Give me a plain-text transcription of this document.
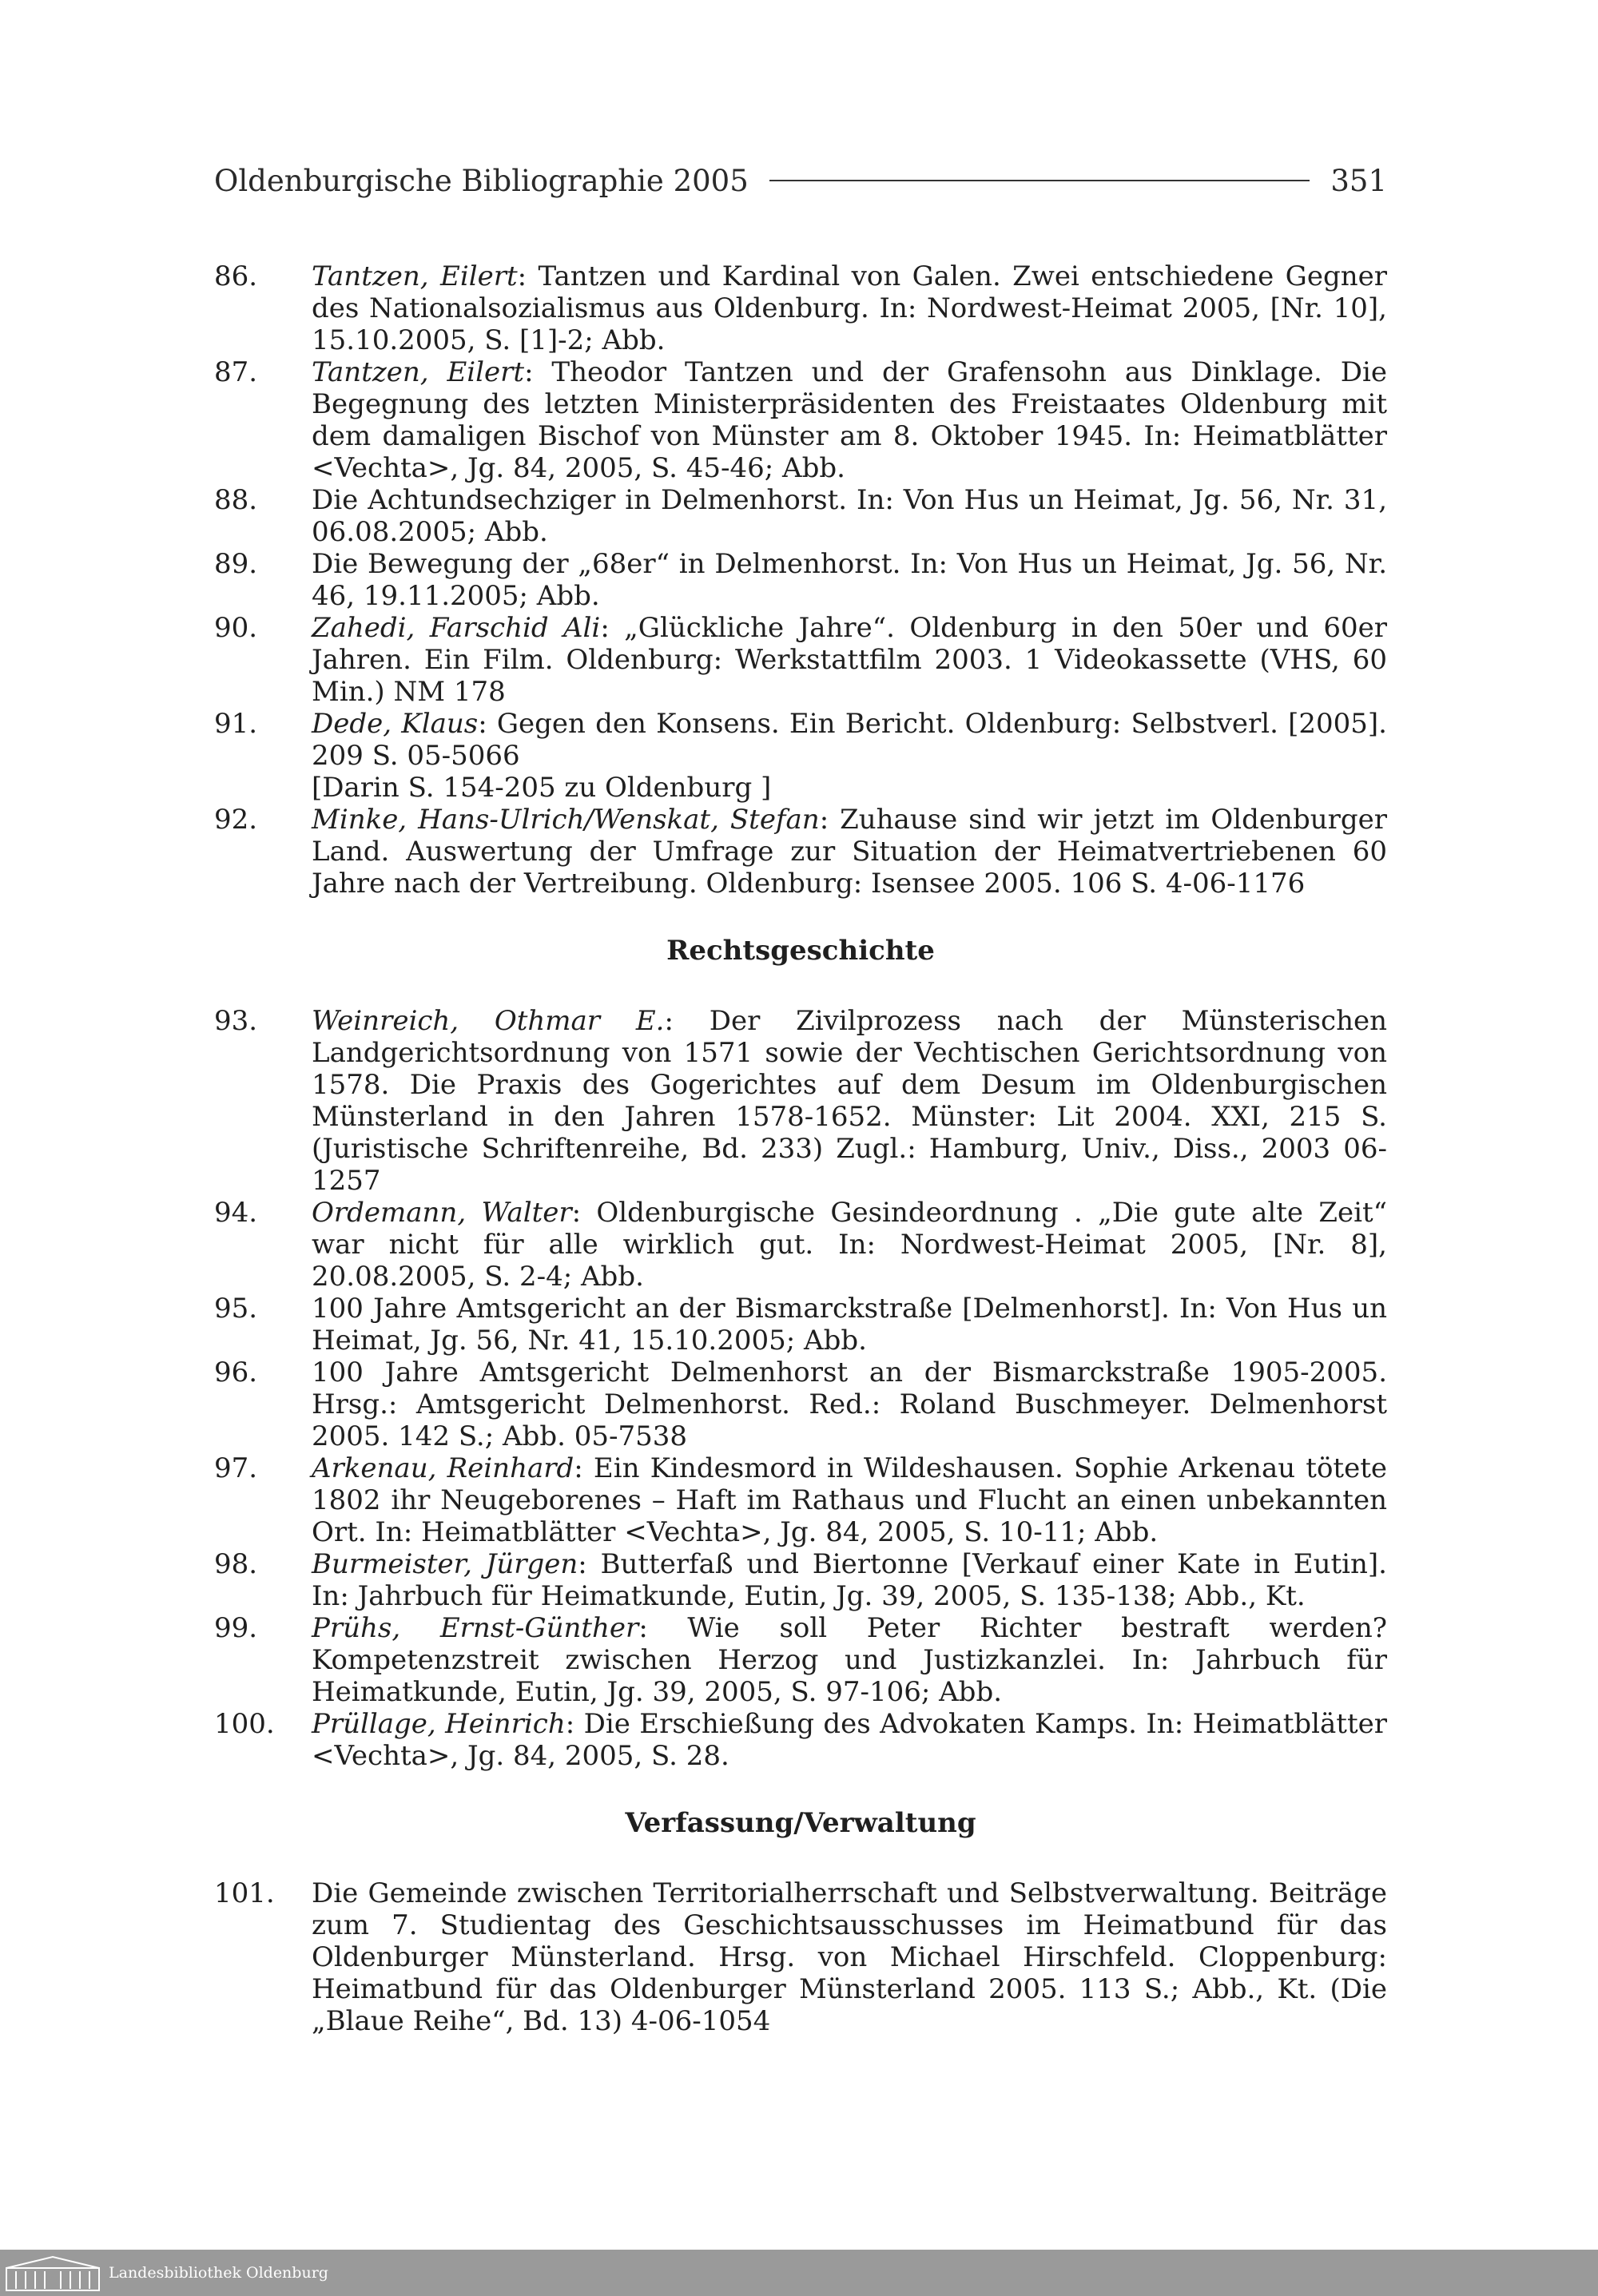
Oldenburgische Bibliographie 2005	351
86.	Tantzen, Eilert: Tantzen und Kardinal von Galen. Zwei entschiedene Gegner des Nationalsozialismus aus Oldenburg. In: Nordwest-Heimat 2005, [Nr. 10], 15.10.2005, S. [1]-2; Abb.
87.	Tantzen, Eilert: Theodor Tantzen und der Grafensohn aus Dinklage. Die Begegnung des letzten Ministerpräsidenten des Freistaates Oldenburg mit dem damaligen Bischof von Münster am 8. Oktober 1945. In: Heimatblätter <Vechta>, Jg. 84, 2005, S. 45-46; Abb.
88.	Die Achtundsechziger in Delmenhorst. In: Von Hus un Heimat, Jg. 56, Nr. 31, 06.08.2005; Abb.
89.	Die Bewegung der „68er“ in Delmenhorst. In: Von Hus un Heimat, Jg. 56, Nr. 46, 19.11.2005; Abb.
90.	Zahedi, Farschid Ali: „Glückliche Jahre“. Oldenburg in den 50er und 60er Jahren. Ein Film. Oldenburg: Werkstattfilm 2003. 1 Videokassette (VHS, 60 Min.) NM 178
91.	Dede, Klaus: Gegen den Konsens. Ein Bericht. Oldenburg: Selbstverl. [2005]. 209 S. 05-5066
[Darin S. 154-205 zu Oldenburg ]
92.	Minke, Hans-Ulrich/Wenskat, Stefan: Zuhause sind wir jetzt im Oldenburger Land. Auswertung der Umfrage zur Situation der Heimatvertriebenen 60 Jahre nach der Vertreibung. Oldenburg: Isensee 2005. 106 S. 4-06-1176
Rechtsgeschichte
93.	Weinreich, Othmar E.: Der Zivilprozess nach der Münsterischen Landgerichtsordnung von 1571 sowie der Vechtischen Gerichtsordnung von 1578. Die Praxis des Gogerichtes auf dem Desum im Oldenburgischen Münsterland in den Jahren 1578-1652. Münster: Lit 2004. XXI, 215 S. (Juristische Schriftenreihe, Bd. 233) Zugl.: Hamburg, Univ., Diss., 2003 06-1257
94.	Ordemann, Walter: Oldenburgische Gesindeordnung . „Die gute alte Zeit“ war nicht für alle wirklich gut. In: Nordwest-Heimat 2005, [Nr. 8], 20.08.2005, S. 2-4; Abb.
95.	100 Jahre Amtsgericht an der Bismarckstraße [Delmenhorst]. In: Von Hus un Heimat, Jg. 56, Nr. 41, 15.10.2005; Abb.
96.	100 Jahre Amtsgericht Delmenhorst an der Bismarckstraße 1905-2005. Hrsg.: Amtsgericht Delmenhorst. Red.: Roland Buschmeyer. Delmenhorst 2005. 142 S.; Abb. 05-7538
97.	Arkenau, Reinhard: Ein Kindesmord in Wildeshausen. Sophie Arkenau tötete 1802 ihr Neugeborenes – Haft im Rathaus und Flucht an einen unbekannten Ort. In: Heimatblätter <Vechta>, Jg. 84, 2005, S. 10-11; Abb.
98.	Burmeister, Jürgen: Butterfaß und Biertonne [Verkauf einer Kate in Eutin]. In: Jahrbuch für Heimatkunde, Eutin, Jg. 39, 2005, S. 135-138; Abb., Kt.
99.	Prühs, Ernst-Günther: Wie soll Peter Richter bestraft werden? Kompetenzstreit zwischen Herzog und Justizkanzlei. In: Jahrbuch für Heimatkunde, Eutin, Jg. 39, 2005, S. 97-106; Abb.
100.	Prüllage, Heinrich: Die Erschießung des Advokaten Kamps. In: Heimatblätter <Vechta>, Jg. 84, 2005, S. 28.
Verfassung/Verwaltung
101.	Die Gemeinde zwischen Territorialherrschaft und Selbstverwaltung. Beiträge zum 7. Studientag des Geschichtsausschusses im Heimatbund für das Oldenburger Münsterland. Hrsg. von Michael Hirschfeld. Cloppenburg: Heimatbund für das Oldenburger Münsterland 2005. 113 S.; Abb., Kt. (Die „Blaue Reihe“, Bd. 13) 4-06-1054
Landesbibliothek Oldenburg
